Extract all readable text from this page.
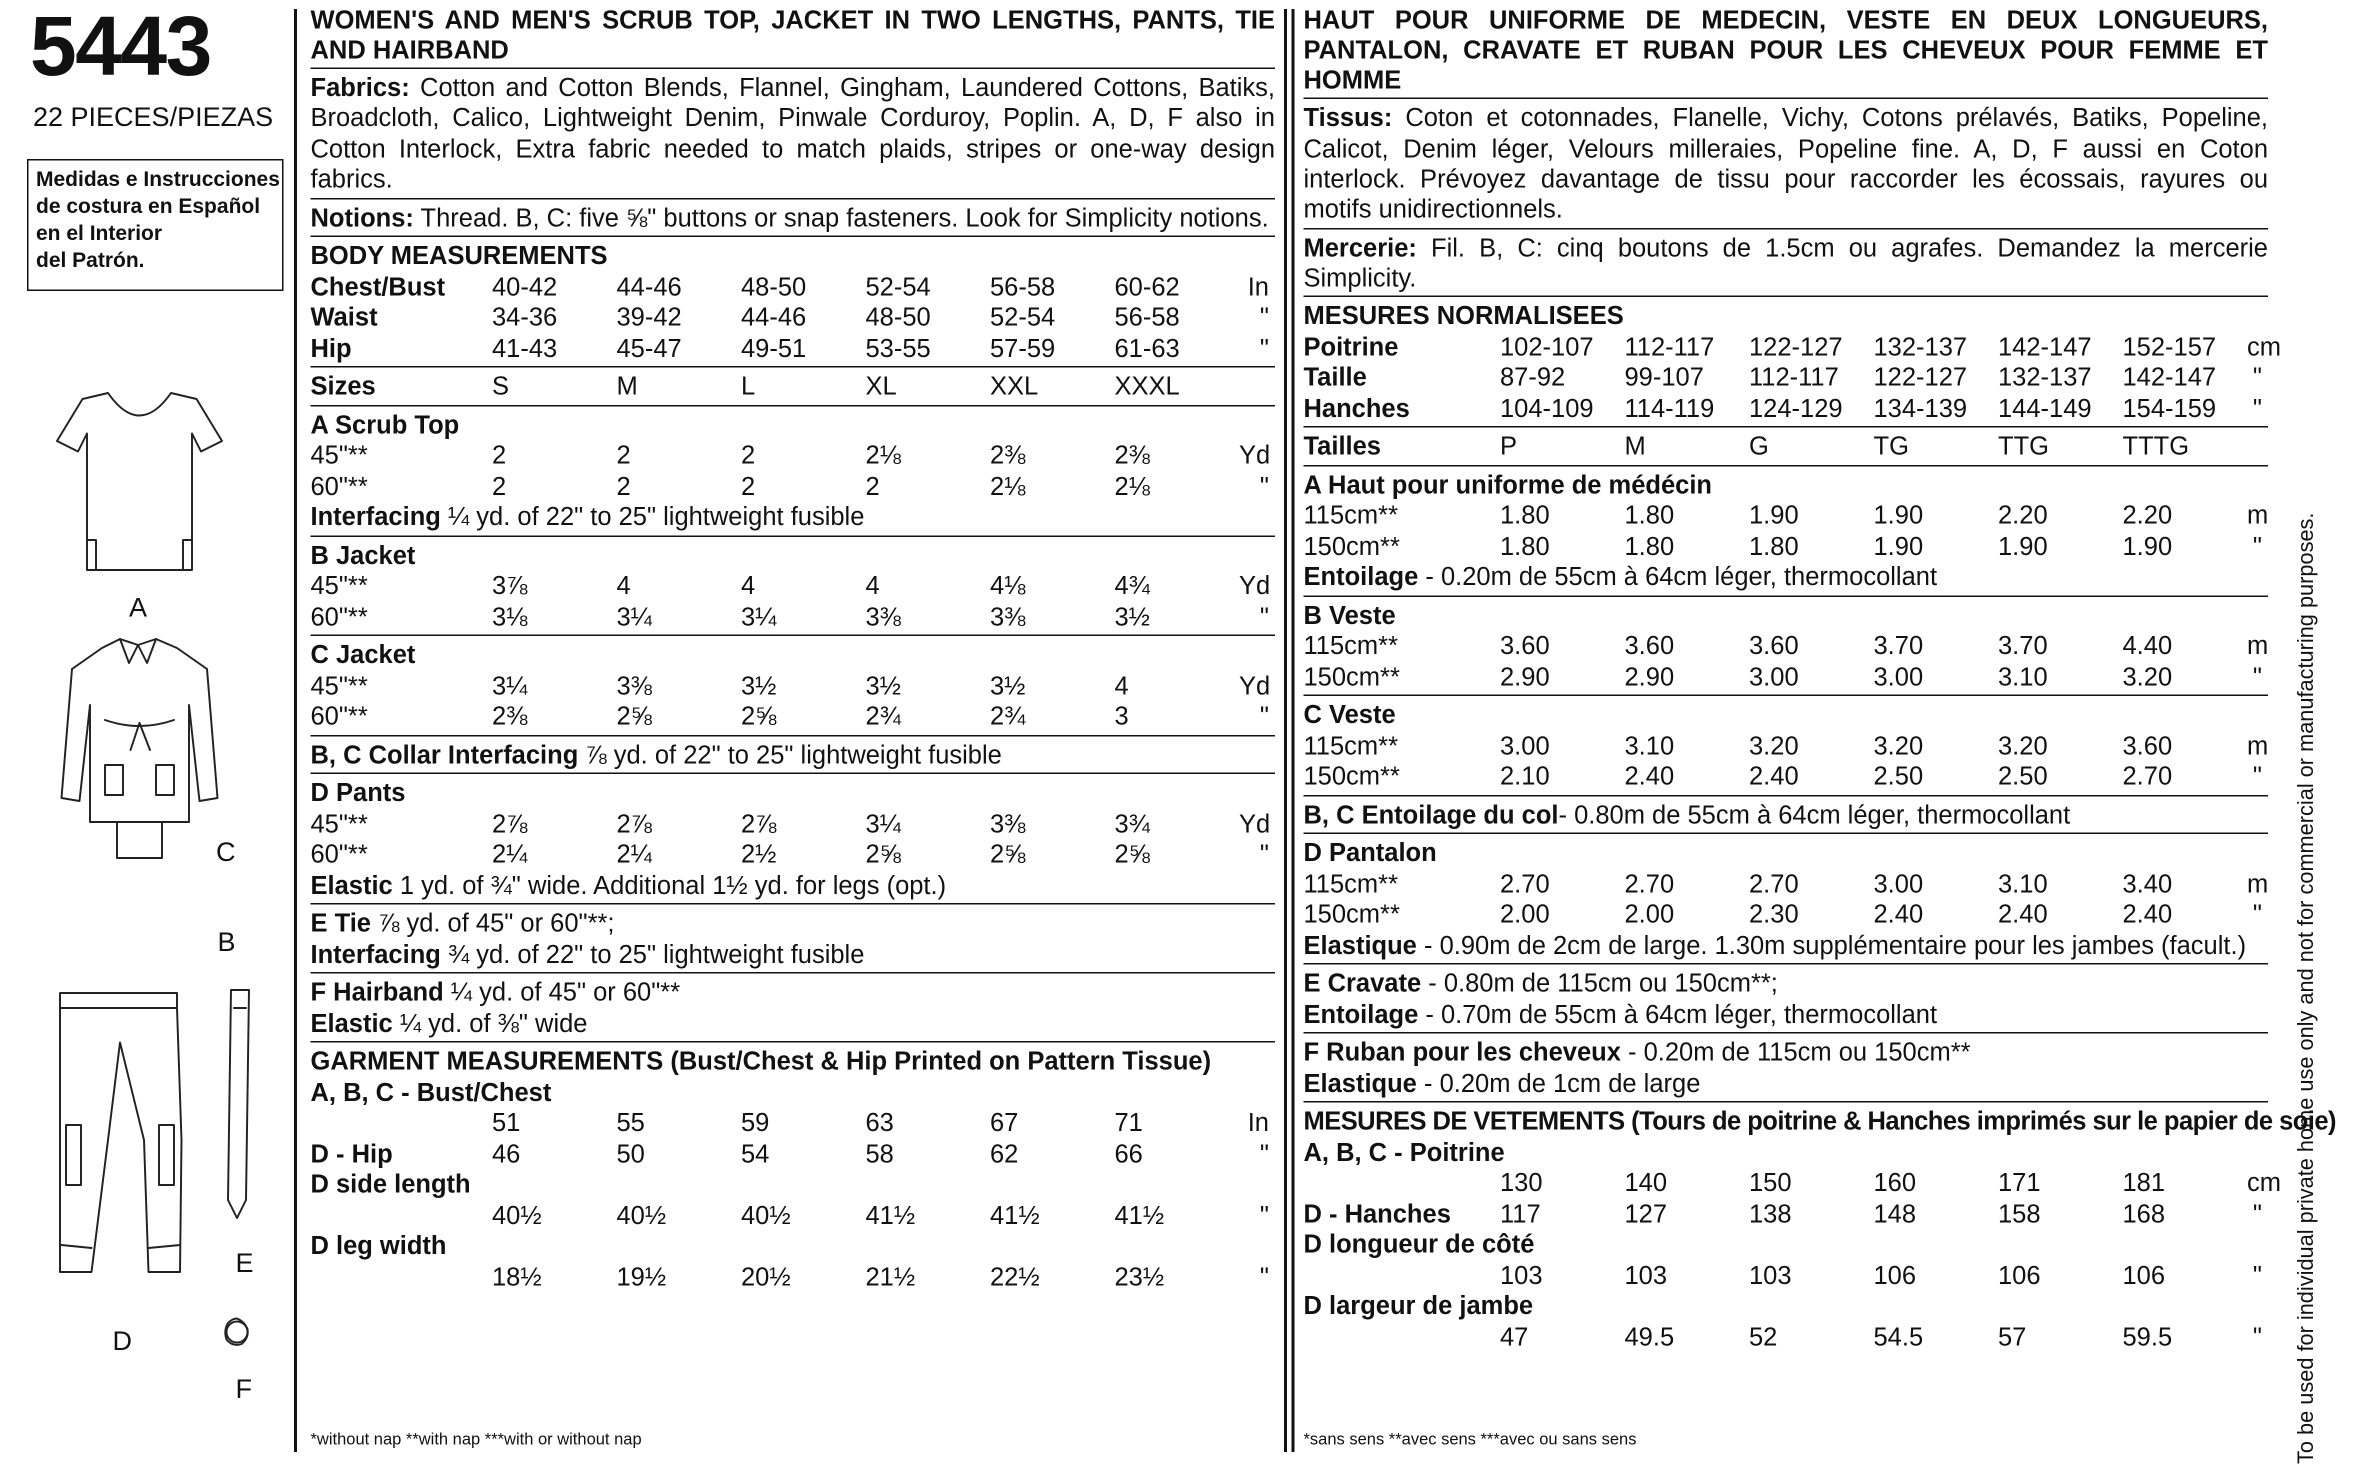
5443
22 PIECES/PIEZAS
Medidas e Instrucciones
de costura en Español
en el Interior
del Patrón.
A
C
B
E
D
F
WOMEN'S AND MEN'S SCRUB TOP, JACKET IN TWO LENGTHS, PANTS, TIE AND HAIRBAND
Fabrics: Cotton and Cotton Blends, Flannel, Gingham, Laundered Cottons, Batiks, Broadcloth, Calico, Lightweight Denim, Pinwale Corduroy, Poplin. A, D, F also in Cotton Interlock, Extra fabric needed to match plaids, stripes or one-way design fabrics.
Notions: Thread. B, C: five ⅝" buttons or snap fasteners. Look for Simplicity notions.
BODY MEASUREMENTS
Chest/Bust	40-42	44-46	48-50	52-54	56-58	60-62	In
Waist	34-36	39-42	44-46	48-50	52-54	56-58	"
Hip	41-43	45-47	49-51	53-55	57-59	61-63	"
Sizes	S	M	L	XL	XXL	XXXL
A Scrub Top
45"**	2	2	2	2⅛	2⅜	2⅜	Yd
60"**	2	2	2	2	2⅛	2⅛	"
Interfacing ¼ yd. of 22" to 25" lightweight fusible
B Jacket
45"**	3⅞	4	4	4	4⅛	4¾	Yd
60"**	3⅛	3¼	3¼	3⅜	3⅜	3½	"
C Jacket
45"**	3¼	3⅜	3½	3½	3½	4	Yd
60"**	2⅜	2⅝	2⅝	2¾	2¾	3	"
B, C Collar Interfacing ⅞ yd. of 22" to 25" lightweight fusible
D Pants
45"**	2⅞	2⅞	2⅞	3¼	3⅜	3¾	Yd
60"**	2¼	2¼	2½	2⅝	2⅝	2⅝	"
Elastic 1 yd. of ¾" wide. Additional 1½ yd. for legs (opt.)
E Tie ⅞ yd. of 45" or 60"**;
Interfacing ¾ yd. of 22" to 25" lightweight fusible
F Hairband ¼ yd. of 45" or 60"**
Elastic ¼ yd. of ⅜" wide
GARMENT MEASUREMENTS (Bust/Chest & Hip Printed on Pattern Tissue)
A, B, C - Bust/Chest
51	55	59	63	67	71	In
D - Hip	46	50	54	58	62	66	"
D side length
40½	40½	40½	41½	41½	41½	"
D leg width
18½	19½	20½	21½	22½	23½	"
*without nap **with nap ***with or without nap
HAUT POUR UNIFORME DE MEDECIN, VESTE EN DEUX LONGUEURS, PANTALON, CRAVATE ET RUBAN POUR LES CHEVEUX POUR FEMME ET HOMME
Tissus: Coton et cotonnades, Flanelle, Vichy, Cotons prélavés, Batiks, Popeline, Calicot, Denim léger, Velours milleraies, Popeline fine. A, D, F aussi en Coton interlock. Prévoyez davantage de tissu pour raccorder les écossais, rayures ou motifs unidirectionnels.
Mercerie: Fil. B, C: cinq boutons de 1.5cm ou agrafes. Demandez la mercerie Simplicity.
MESURES NORMALISEES
Poitrine	102-107	112-117	122-127	132-137	142-147	152-157	cm
Taille	87-92	99-107	112-117	122-127	132-137	142-147	"
Hanches	104-109	114-119	124-129	134-139	144-149	154-159	"
Tailles	P	M	G	TG	TTG	TTTG
A Haut pour uniforme de médécin
115cm**	1.80	1.80	1.90	1.90	2.20	2.20	m
150cm**	1.80	1.80	1.80	1.90	1.90	1.90	"
Entoilage - 0.20m de 55cm à 64cm léger, thermocollant
B Veste
115cm**	3.60	3.60	3.60	3.70	3.70	4.40	m
150cm**	2.90	2.90	3.00	3.00	3.10	3.20	"
C Veste
115cm**	3.00	3.10	3.20	3.20	3.20	3.60	m
150cm**	2.10	2.40	2.40	2.50	2.50	2.70	"
B, C Entoilage du col- 0.80m de 55cm à 64cm léger, thermocollant
D Pantalon
115cm**	2.70	2.70	2.70	3.00	3.10	3.40	m
150cm**	2.00	2.00	2.30	2.40	2.40	2.40	"
Elastique - 0.90m de 2cm de large. 1.30m supplémentaire pour les jambes (facult.)
E Cravate - 0.80m de 115cm ou 150cm**;
Entoilage - 0.70m de 55cm à 64cm léger, thermocollant
F Ruban pour les cheveux - 0.20m de 115cm ou 150cm**
Elastique - 0.20m de 1cm de large
MESURES DE VETEMENTS (Tours de poitrine & Hanches imprimés sur le papier de soie)
A, B, C - Poitrine
130	140	150	160	171	181	cm
D - Hanches	117	127	138	148	158	168	"
D longueur de côté
103	103	103	106	106	106	"
D largeur de jambe
47	49.5	52	54.5	57	59.5	"
*sans sens **avec sens ***avec ou sans sens	To be used for individual private home use only and not for commercial or manufacturing purposes.
